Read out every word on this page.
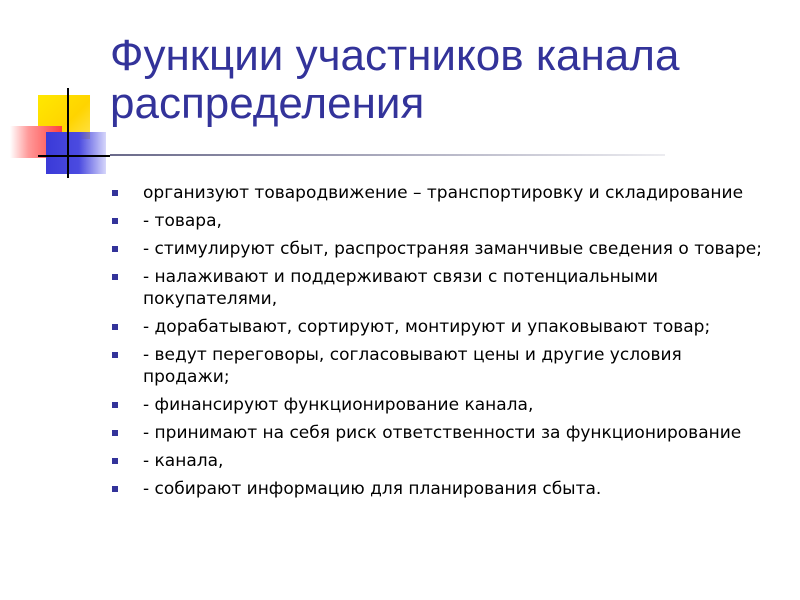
Функции участников канала распределения
организуют товародвижение – транспортировку и складирование
- товара,
- стимулируют сбыт, распространяя заманчивые сведения о товаре;
- налаживают и поддерживают связи с потенциальными покупателями,
- дорабатывают, сортируют, монтируют и упаковывают товар;
- ведут переговоры, согласовывают цены и другие условия продажи;
- финансируют функционирование канала,
- принимают на себя риск ответственности за функционирование
- канала,
- собирают информацию для планирования сбыта.
